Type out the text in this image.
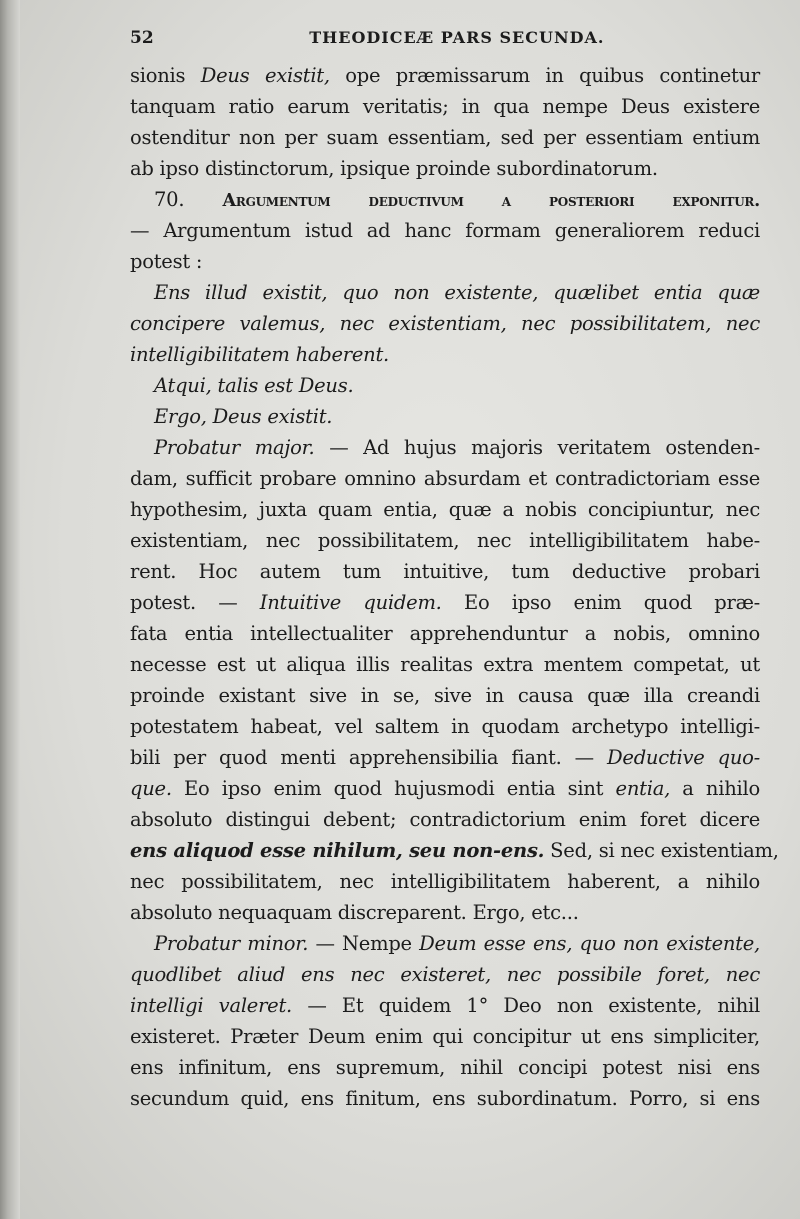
52	THEODICEÆ PARS SECUNDA.
sionis Deus existit, ope præmissarum in quibus continetur
tanquam ratio earum veritatis; in qua nempe Deus existere
ostenditur non per suam essentiam, sed per essentiam entium
ab ipso distinctorum, ipsique proinde subordinatorum.
70. Argumentum deductivum a posteriori exponitur.
— Argumentum istud ad hanc formam generaliorem reduci
potest :
Ens illud existit, quo non existente, quælibet entia quæ
concipere valemus, nec existentiam, nec possibilitatem, nec
intelligibilitatem haberent.
Atqui, talis est Deus.
Ergo, Deus existit.
Probatur major. — Ad hujus majoris veritatem ostenden-
dam, sufficit probare omnino absurdam et contradictoriam esse
hypothesim, juxta quam entia, quæ a nobis concipiuntur, nec
existentiam, nec possibilitatem, nec intelligibilitatem habe-
rent. Hoc autem tum intuitive, tum deductive probari
potest. — Intuitive quidem. Eo ipso enim quod præ-
fata entia intellectualiter apprehenduntur a nobis, omnino
necesse est ut aliqua illis realitas extra mentem competat, ut
proinde existant sive in se, sive in causa quæ illa creandi
potestatem habeat, vel saltem in quodam archetypo intelligi-
bili per quod menti apprehensibilia fiant. — Deductive quo-
que. Eo ipso enim quod hujusmodi entia sint entia, a nihilo
absoluto distingui debent; contradictorium enim foret dicere
ens aliquod esse nihilum, seu non-ens. Sed, si nec existentiam,
nec possibilitatem, nec intelligibilitatem haberent, a nihilo
absoluto nequaquam discreparent. Ergo, etc...
Probatur minor. — Nempe Deum esse ens, quo non existente,
quodlibet aliud ens nec existeret, nec possibile foret, nec
intelligi valeret. — Et quidem 1° Deo non existente, nihil
existeret. Præter Deum enim qui concipitur ut ens simpliciter,
ens infinitum, ens supremum, nihil concipi potest nisi ens
secundum quid, ens finitum, ens subordinatum. Porro, si ens
